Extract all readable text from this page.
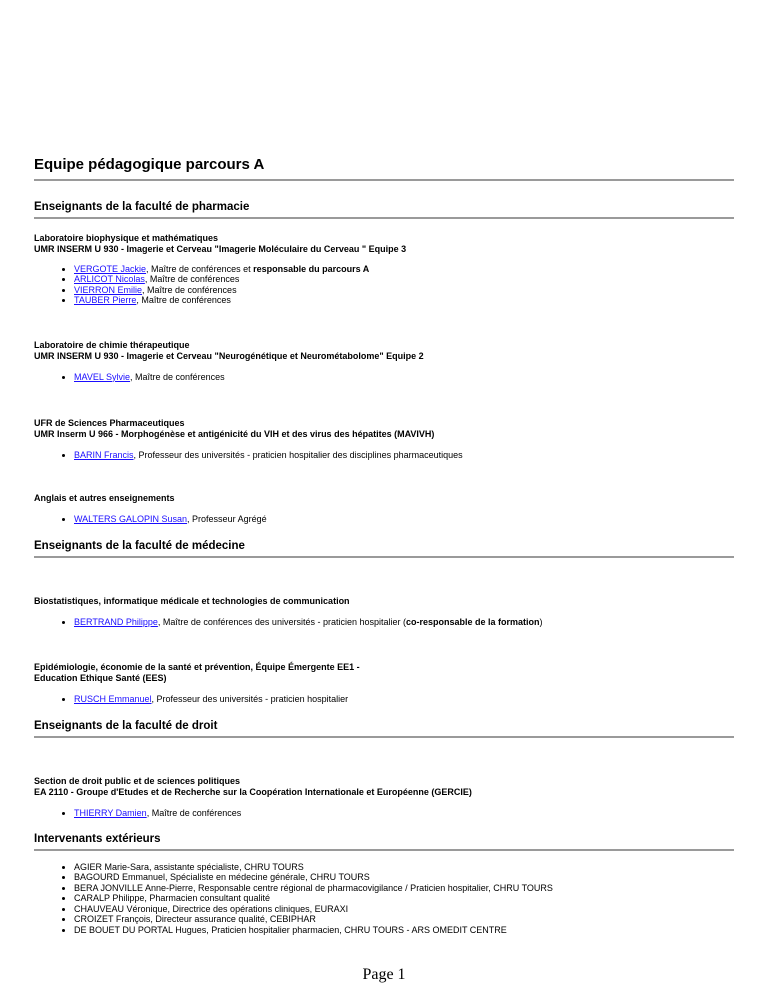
Equipe pédagogique parcours A
Enseignants de la faculté de pharmacie

Laboratoire biophysique et mathématiques

UMR INSERM U 930 - Imagerie et Cerveau "Imagerie Moléculaire du Cerveau " Equipe 3

• VERGOTE Jackie, Maître de conférences et responsable du parcours A
• ARLICOT Nicolas, Maître de conférences
• VIERRON Emilie, Maître de conférences
• TAUBER Pierre, Maître de conférences

Laboratoire de chimie thérapeutique

UMR INSERM U 930 - Imagerie et Cerveau "Neurogénétique et Neurométabolome" Equipe 2

• MAVEL Sylvie, Maître de conférences

UFR de Sciences Pharmaceutiques

UMR Inserm U 966 - Morphogénèse et antigénicité du VIH et des virus des hépatites (MAVIVH)

• BARIN Francis, Professeur des universités - praticien hospitalier des disciplines pharmaceutiques

Anglais et autres enseignements

• WALTERS GALOPIN Susan, Professeur Agrégé
Enseignants de la faculté de médecine

Biostatistiques, informatique médicale et technologies de communication

• BERTRAND Philippe, Maître de conférences des universités - praticien hospitalier (co-responsable de la formation)

Epidémiologie, économie de la santé et prévention, Équipe Émergente EE1 -

Education Ethique Santé (EES)

• RUSCH Emmanuel, Professeur des universités - praticien hospitalier
Enseignants de la faculté de droit

Section de droit public et de sciences politiques

EA 2110 - Groupe d'Etudes et de Recherche sur la Coopération Internationale et Européenne (GERCIE)

• THIERRY Damien, Maître de conférences
Intervenants extérieurs
• AGIER Marie-Sara, assistante spécialiste, CHRU TOURS
• BAGOURD Emmanuel, Spécialiste en médecine générale, CHRU TOURS
• BERA JONVILLE Anne-Pierre, Responsable centre régional de pharmacovigilance / Praticien hospitalier, CHRU TOURS
• CARALP Philippe, Pharmacien consultant qualité
• CHAUVEAU Véronique, Directrice des opérations cliniques, EURAXI
• CROIZET François, Directeur assurance qualité, CEBIPHAR
• DE BOUET DU PORTAL Hugues, Praticien hospitalier pharmacien, CHRU TOURS - ARS OMEDIT CENTRE
Page 1
